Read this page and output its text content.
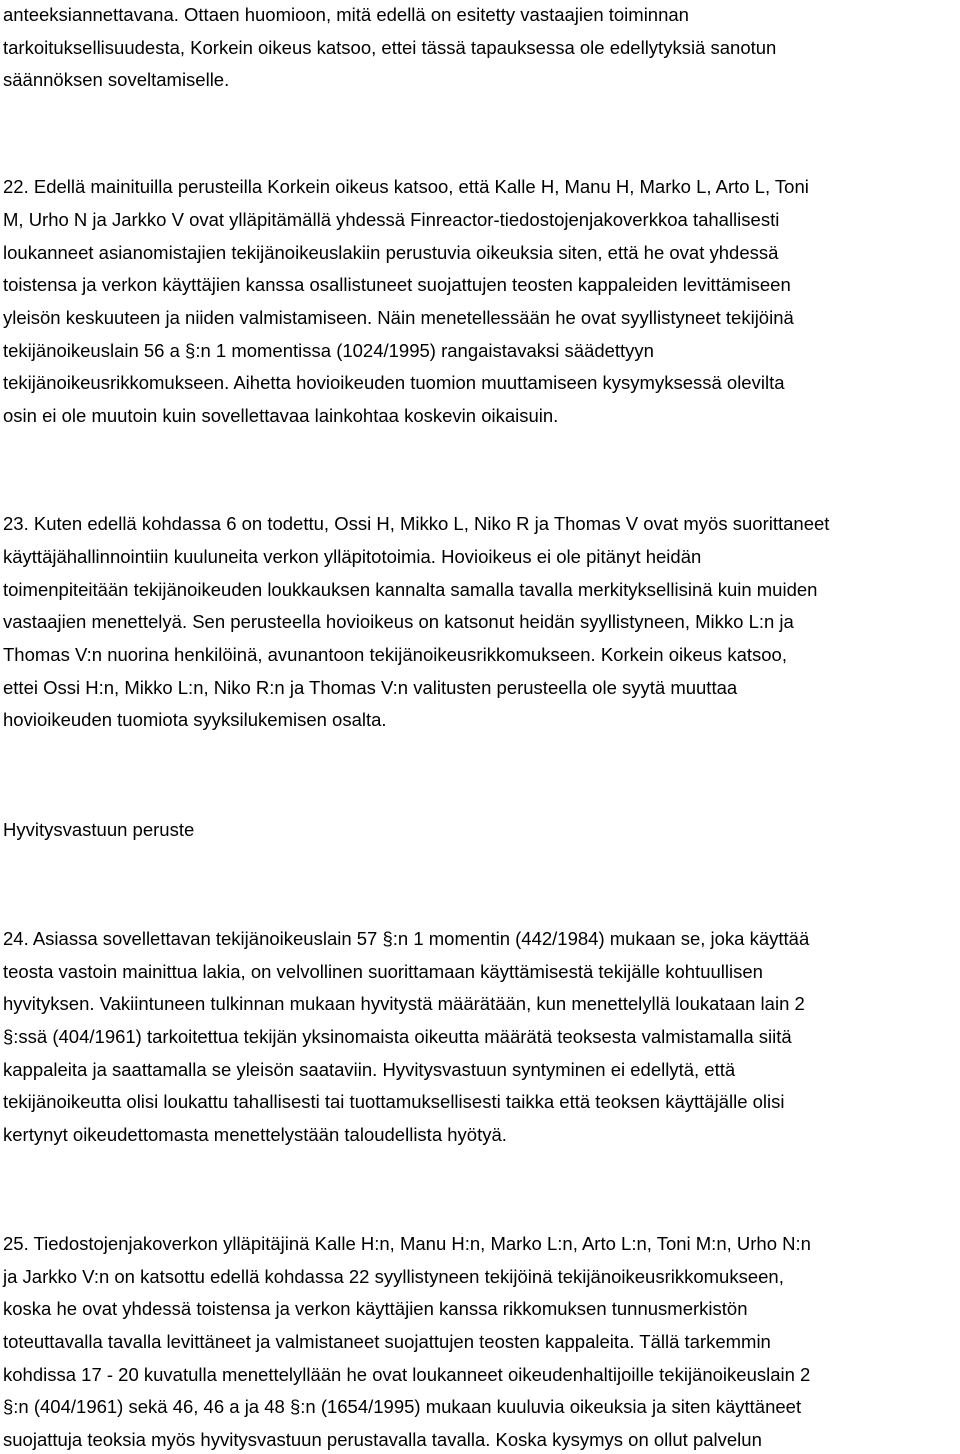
anteeksiannettavana. Ottaen huomioon, mitä edellä on esitetty vastaajien toiminnan
tarkoituksellisuudesta, Korkein oikeus katsoo, ettei tässä tapauksessa ole edellytyksiä sanotun
säännöksen soveltamiselle.
22. Edellä mainituilla perusteilla Korkein oikeus katsoo, että Kalle H, Manu H, Marko L, Arto L, Toni
M, Urho N ja Jarkko V ovat ylläpitämällä yhdessä Finreactor-tiedostojenjakoverkkoa tahallisesti
loukanneet asianomistajien tekijänoikeuslakiin perustuvia oikeuksia siten, että he ovat yhdessä
toistensa ja verkon käyttäjien kanssa osallistuneet suojattujen teosten kappaleiden levittämiseen
yleisön keskuuteen ja niiden valmistamiseen. Näin menetellessään he ovat syyllistyneet tekijöinä
tekijänoikeuslain 56 a §:n 1 momentissa (1024/1995) rangaistavaksi säädettyyn
tekijänoikeusrikkomukseen. Aihetta hovioikeuden tuomion muuttamiseen kysymyksessä olevilta
osin ei ole muutoin kuin sovellettavaa lainkohtaa koskevin oikaisuin.
23. Kuten edellä kohdassa 6 on todettu, Ossi H, Mikko L, Niko R ja Thomas V ovat myös suorittaneet
käyttäjähallinnointiin kuuluneita verkon ylläpitotoimia. Hovioikeus ei ole pitänyt heidän
toimenpiteitään tekijänoikeuden loukkauksen kannalta samalla tavalla merkityksellisinä kuin muiden
vastaajien menettelyä. Sen perusteella hovioikeus on katsonut heidän syyllistyneen, Mikko L:n ja
Thomas V:n nuorina henkilöinä, avunantoon tekijänoikeusrikkomukseen. Korkein oikeus katsoo,
ettei Ossi H:n, Mikko L:n, Niko R:n ja Thomas V:n valitusten perusteella ole syytä muuttaa
hovioikeuden tuomiota syyksilukemisen osalta.
Hyvitysvastuun peruste
24. Asiassa sovellettavan tekijänoikeuslain 57 §:n 1 momentin (442/1984) mukaan se, joka käyttää
teosta vastoin mainittua lakia, on velvollinen suorittamaan käyttämisestä tekijälle kohtuullisen
hyvityksen. Vakiintuneen tulkinnan mukaan hyvitystä määrätään, kun menettelyllä loukataan lain 2
§:ssä (404/1961) tarkoitettua tekijän yksinomaista oikeutta määrätä teoksesta valmistamalla siitä
kappaleita ja saattamalla se yleisön saataviin. Hyvitysvastuun syntyminen ei edellytä, että
tekijänoikeutta olisi loukattu tahallisesti tai tuottamuksellisesti taikka että teoksen käyttäjälle olisi
kertynyt oikeudettomasta menettelystään taloudellista hyötyä.
25. Tiedostojenjakoverkon ylläpitäjinä Kalle H:n, Manu H:n, Marko L:n, Arto L:n, Toni M:n, Urho N:n
ja Jarkko V:n on katsottu edellä kohdassa 22 syyllistyneen tekijöinä tekijänoikeusrikkomukseen,
koska he ovat yhdessä toistensa ja verkon käyttäjien kanssa rikkomuksen tunnusmerkistön
toteuttavalla tavalla levittäneet ja valmistaneet suojattujen teosten kappaleita. Tällä tarkemmin
kohdissa 17 - 20 kuvatulla menettelyllään he ovat loukanneet oikeudenhaltijoille tekijänoikeuslain 2
§:n (404/1961) sekä 46, 46 a ja 48 §:n (1654/1995) mukaan kuuluvia oikeuksia ja siten käyttäneet
suojattuja teoksia myös hyvitysvastuun perustavalla tavalla. Koska kysymys on ollut palvelun
